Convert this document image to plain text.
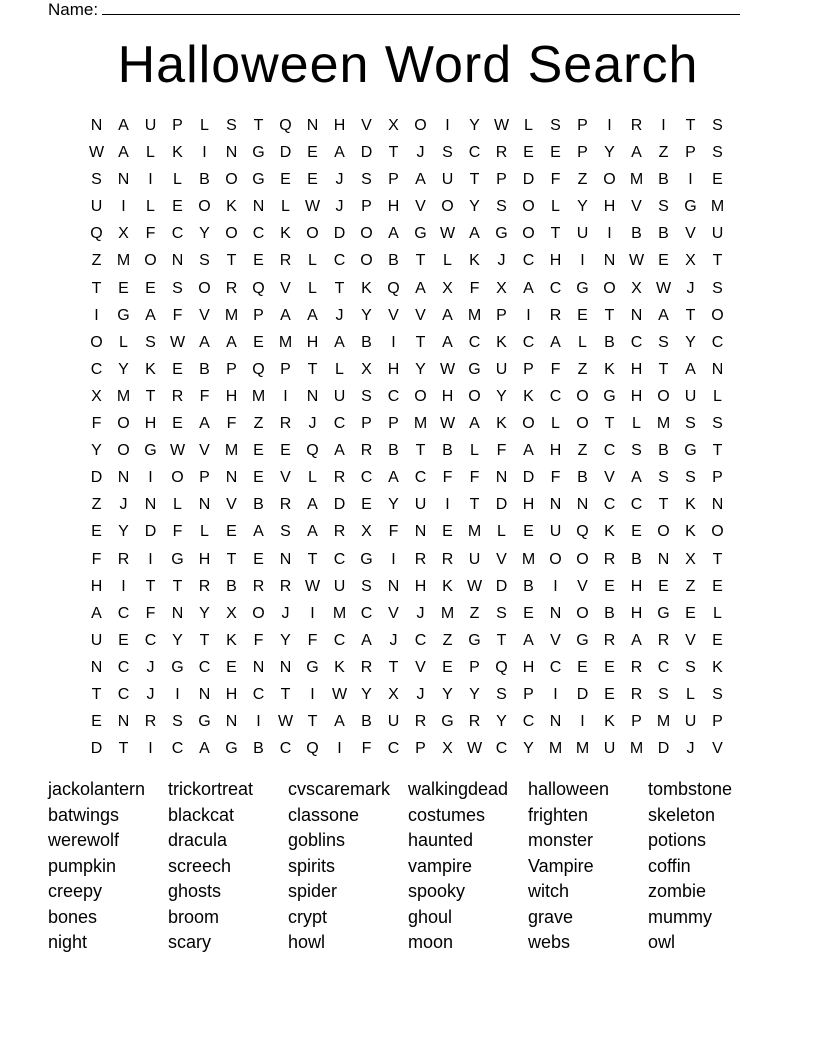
Name:
Halloween Word Search
N A U P	L	S	T Q N H V	X O	I	Y W L	S	P	I	R	I	T	S
W A	L	K	I	N G D E	A D	T	J	S C R E	E	P	Y	A	Z	P	S
S N	I	L	B O G E	E	J	S	P	A U	T	P D	F	Z O M B	I	E
U	I	L	E O K N	L W J	P H V O Y	S O	L	Y H V	S G M
Q X	F	C Y O C K O D O A G W A G O T	U	I	B	B	V U
Z M O N S	T	E R	L	C O B	T	L	K	J	C H	I	N W E	X	T
T	E	E	S O R Q V	L	T	K Q A	X	F	X	A C G O X W J	S
I	G A	F	V M P	A	A	J	Y	V	V	A M P	I	R E	T	N A	T O
O	L	S W A	A	E M H A	B	I	T	A C K C A	L	B C S	Y C
C Y	K	E	B	P Q P	T	L	X H Y W G U P	F	Z	K H	T	A N
X M T	R	F	H M	I	N U S C O H O Y	K C O G H O U	L
F O H E	A	F	Z	R	J	C P	P M W A	K O	L	O T	L M S	S
Y O G W V M E	E Q A R B	T	B	L	F	A H	Z	C S	B G T
D N	I	O P N E	V	L	R C A C	F	F	N D	F	B	V	A	S	S	P
Z	J	N	L	N V	B R A D E	Y U	I	T	D H N N C C	T	K N
E	Y D	F	L	E	A	S	A R X	F	N E M L	E U Q K	E O K O
F	R	I	G H	T	E N	T	C G	I	R R U V M O O R B N X	T
H	I	T	T	R B R R W U S N H K W D B	I	V	E H E	Z	E
A C	F	N Y	X O	J	I	M C V	J	M Z	S	E N O B H G E	L
U E C Y	T	K	F	Y	F	C A	J	C	Z G T	A	V G R A R V	E
N C	J	G C E N N G K R	T	V	E	P Q H C E	E R C S	K
T	C	J	I	N H C	T	I	W Y	X	J	Y	Y	S	P	I	D E R S	L	S
E N R S G N	I	W T	A	B U R G R Y C N	I	K	P M U P
D	T	I	C A G B C Q	I	F	C P	X W C Y M M U M D	J	V
jackolantern	trickortreat	cvscaremark walkingdead	halloween	tombstone
batwings	blackcat	classone	costumes	frighten	skeleton
werewolf	dracula	goblins	haunted	monster	potions
pumpkin	screech	spirits	vampire	Vampire	coffin
creepy	ghosts	spider	spooky	witch	zombie
bones	broom	crypt	ghoul	grave	mummy
night	scary	howl	moon	webs	owl
